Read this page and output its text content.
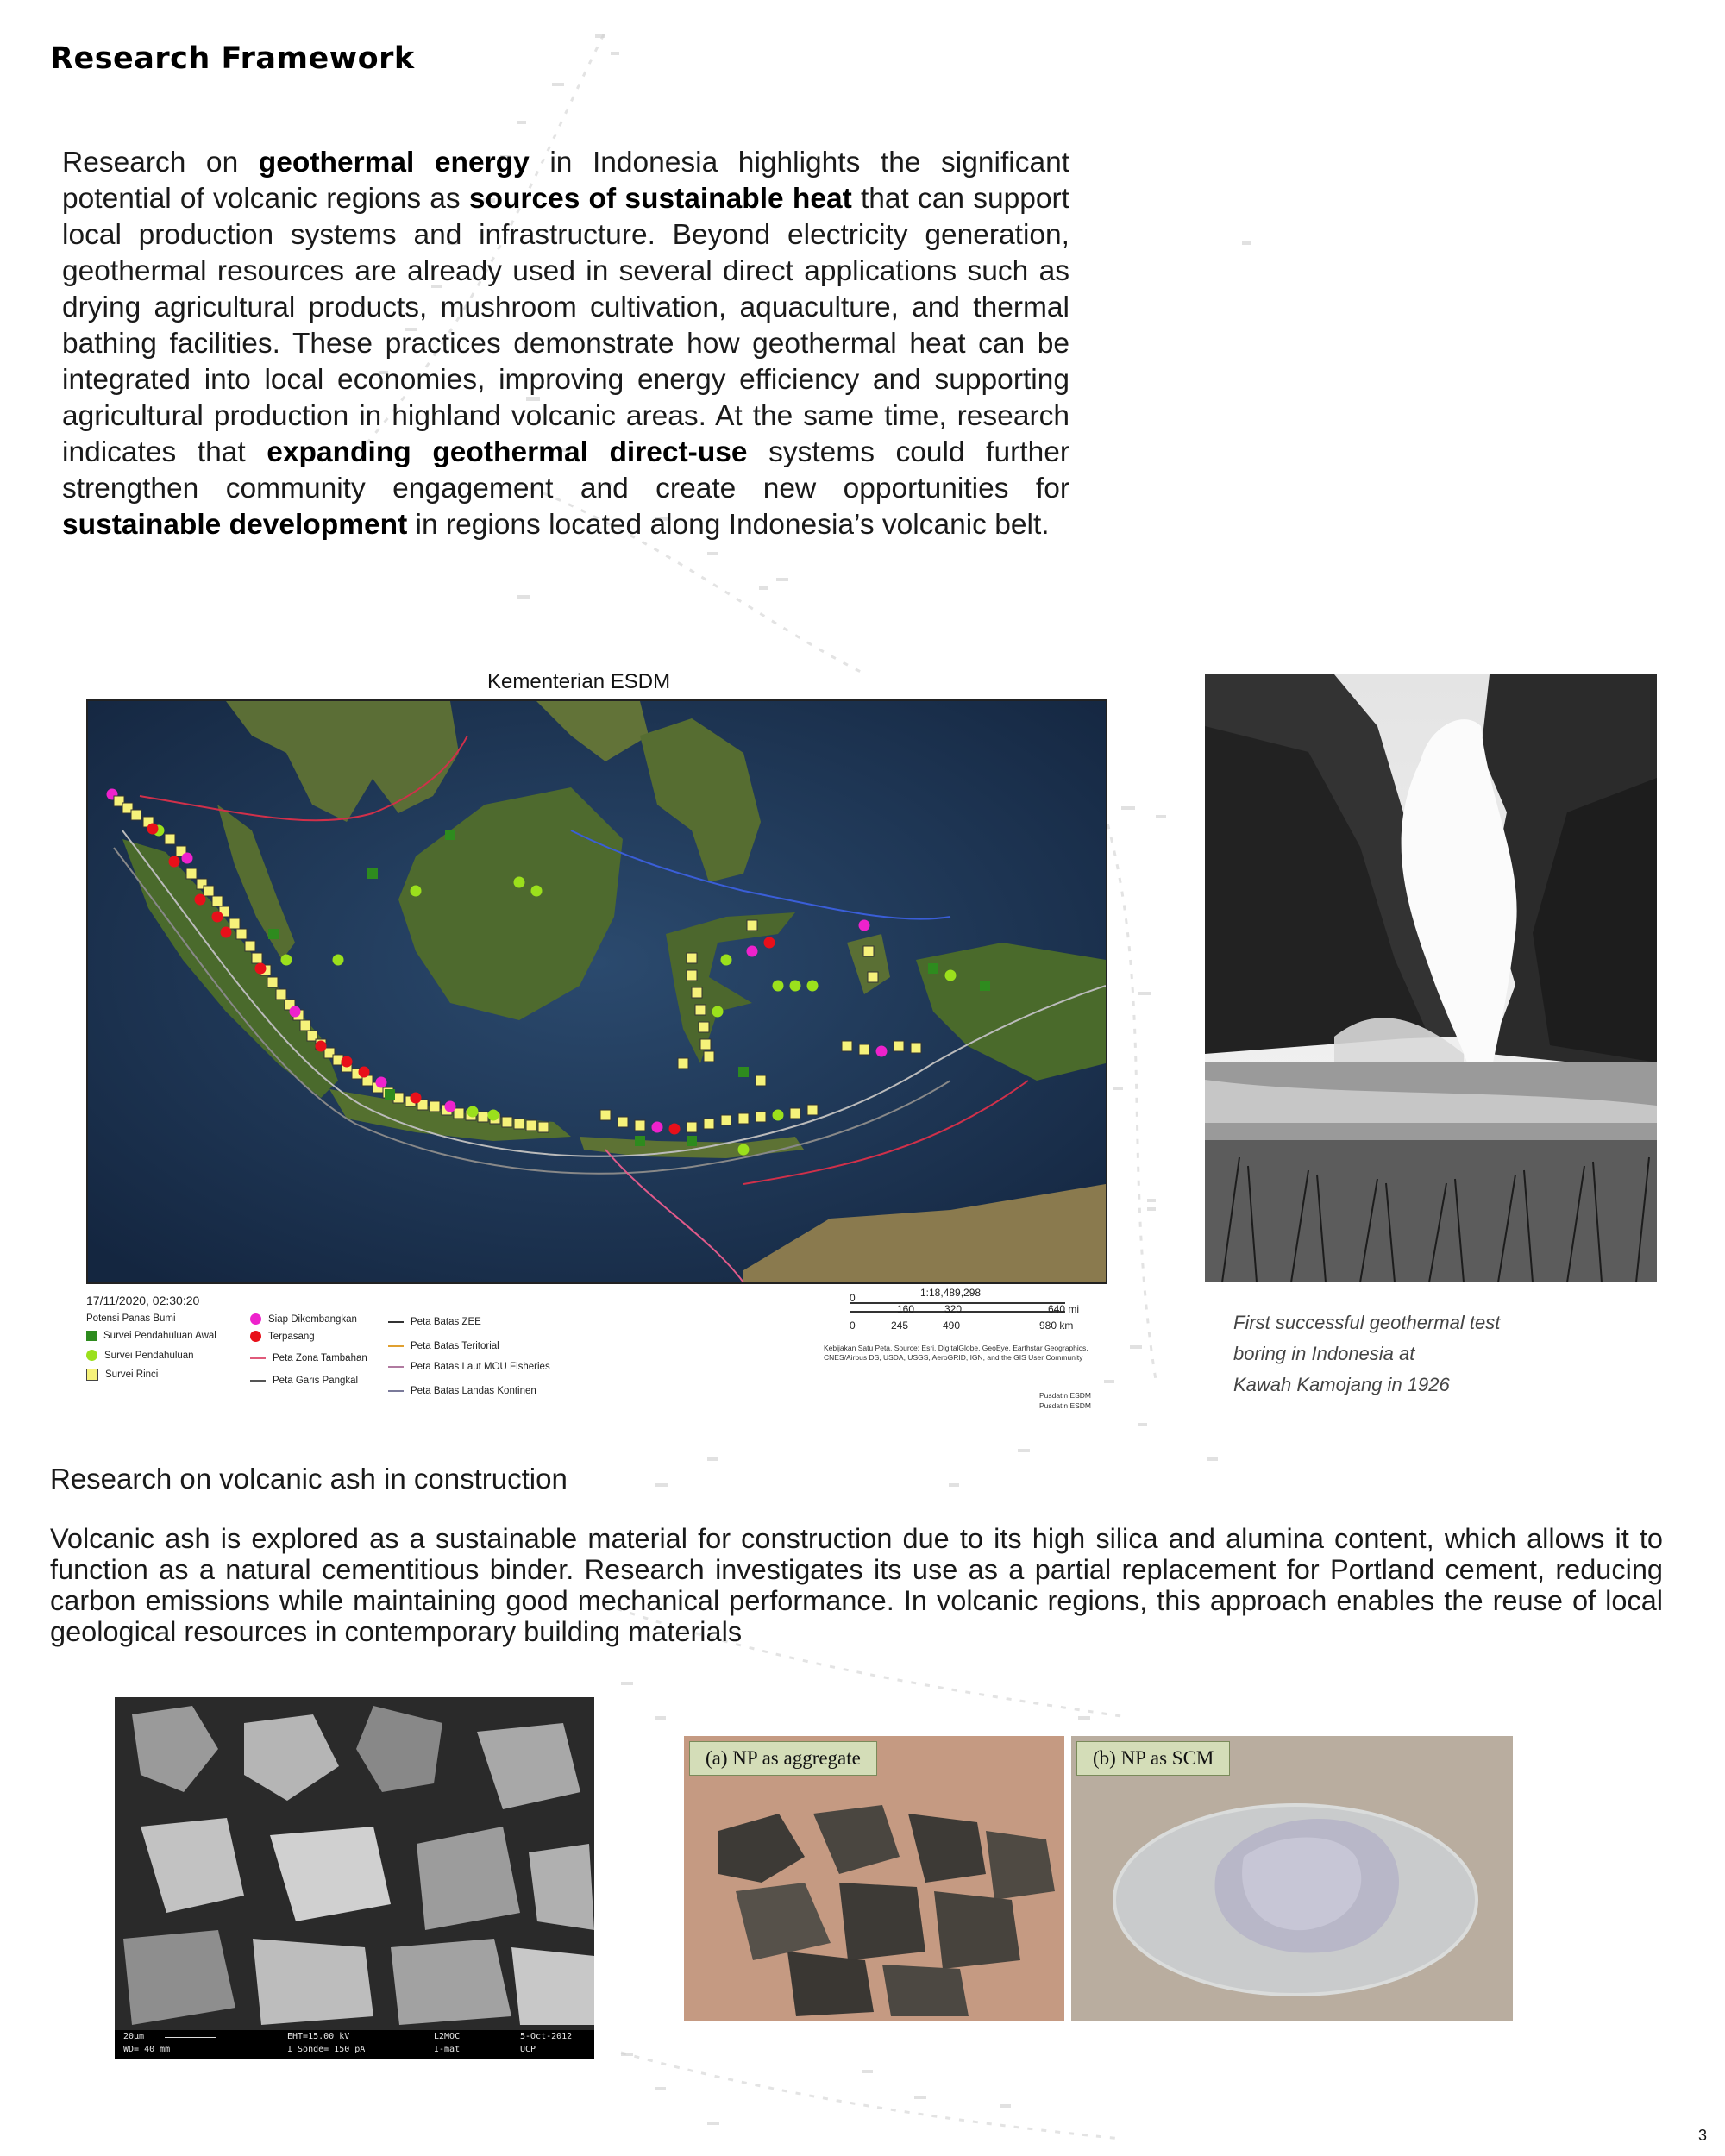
Research Framework
Research on geothermal energy in Indonesia highlights the significant potential of volcanic regions as sources of sustainable heat that can support local production systems and infrastructure. Beyond electricity generation, geothermal resources are already used in several direct applications such as drying agricultural products, mushroom cultivation, aquaculture, and thermal bathing facilities. These practices demonstrate how geothermal heat can be integrated into local economies, improving energy efficiency and supporting agricultural production in highland volcanic areas. At the same time, research indicates that expanding geothermal direct-use systems could further strengthen community engagement and create new opportunities for sustainable development in regions located along Indonesia’s volcanic belt.
Kementerian ESDM
17/11/2020, 02:30:20
Potensi Panas Bumi
Survei Pendahuluan Awal
Survei Pendahuluan
Survei Rinci
Siap Dikembangkan
Terpasang
Peta Zona Tambahan
Peta Garis Pangkal
Peta Batas ZEE
Peta Batas Teritorial
Peta Batas Laut MOU Fisheries
Peta Batas Landas Kontinen
1:18,489,298
0
160	320	640 mi
0	245	490	980 km
Kebijakan Satu Peta. Source: Esri, DigitalGlobe, GeoEye, Earthstar Geographics, CNES/Airbus DS, USDA, USGS, AeroGRID, IGN, and the GIS User Community
Pusdatin ESDM
Pusdatin ESDM
First successful geothermal test
boring in Indonesia at
Kawah Kamojang in 1926
Research on volcanic ash in construction
Volcanic ash is explored as a sustainable material for construction due to its high silica and alumina content, which allows it to function as a natural cementitious binder. Research investigates its use as a partial replacement for Portland cement, reducing carbon emissions while maintaining good mechanical performance. In volcanic regions, this approach enables the reuse of local geological resources in contemporary building materials
20µm
WD= 40 mm
EHT=15.00 kV	L2MOC	5-Oct-2012
I Sonde= 150 pA	I-mat	UCP
(a) NP as aggregate	(b) NP as SCM
3
